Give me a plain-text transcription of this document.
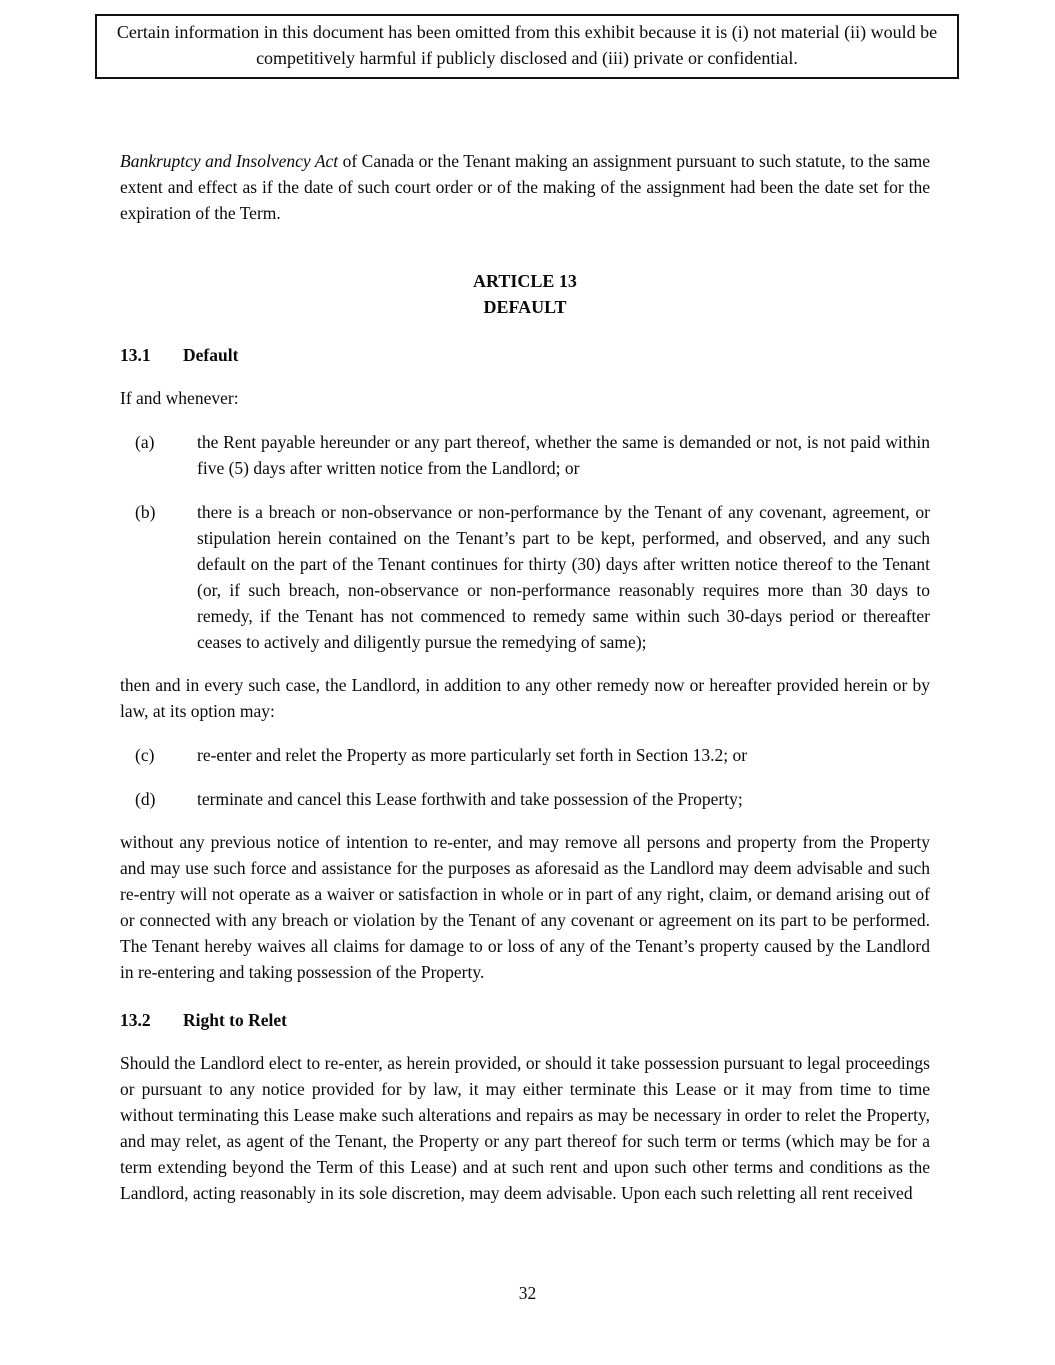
Certain information in this document has been omitted from this exhibit because it is (i) not material (ii) would be competitively harmful if publicly disclosed and (iii) private or confidential.

Bankruptcy and Insolvency Act of Canada or the Tenant making an assignment pursuant to such statute, to the same extent and effect as if the date of such court order or of the making of the assignment had been the date set for the expiration of the Term.

ARTICLE 13
DEFAULT
13.1	Default

If and whenever:

(a)	the Rent payable hereunder or any part thereof, whether the same is demanded or not, is not paid within five (5) days after written notice from the Landlord; or
(b)	there is a breach or non-observance or non-performance by the Tenant of any covenant, agreement, or stipulation herein contained on the Tenant’s part to be kept, performed, and observed, and any such default on the part of the Tenant continues for thirty (30) days after written notice thereof to the Tenant (or, if such breach, non-observance or non-performance reasonably requires more than 30 days to remedy, if the Tenant has not commenced to remedy same within such 30-days period or thereafter ceases to actively and diligently pursue the remedying of same);

then and in every such case, the Landlord, in addition to any other remedy now or hereafter provided herein or by law, at its option may:

(c)	re-enter and relet the Property as more particularly set forth in Section 13.2; or
(d)	terminate and cancel this Lease forthwith and take possession of the Property;

without any previous notice of intention to re-enter, and may remove all persons and property from the Property and may use such force and assistance for the purposes as aforesaid as the Landlord may deem advisable and such re-entry will not operate as a waiver or satisfaction in whole or in part of any right, claim, or demand arising out of or connected with any breach or violation by the Tenant of any covenant or agreement on its part to be performed. The Tenant hereby waives all claims for damage to or loss of any of the Tenant’s property caused by the Landlord in re-entering and taking possession of the Property.

13.2	Right to Relet

Should the Landlord elect to re-enter, as herein provided, or should it take possession pursuant to legal proceedings or pursuant to any notice provided for by law, it may either terminate this Lease or it may from time to time without terminating this Lease make such alterations and repairs as may be necessary in order to relet the Property, and may relet, as agent of the Tenant, the Property or any part thereof for such term or terms (which may be for a term extending beyond the Term of this Lease) and at such rent and upon such other terms and conditions as the Landlord, acting reasonably in its sole discretion, may deem advisable. Upon each such reletting all rent received

32
